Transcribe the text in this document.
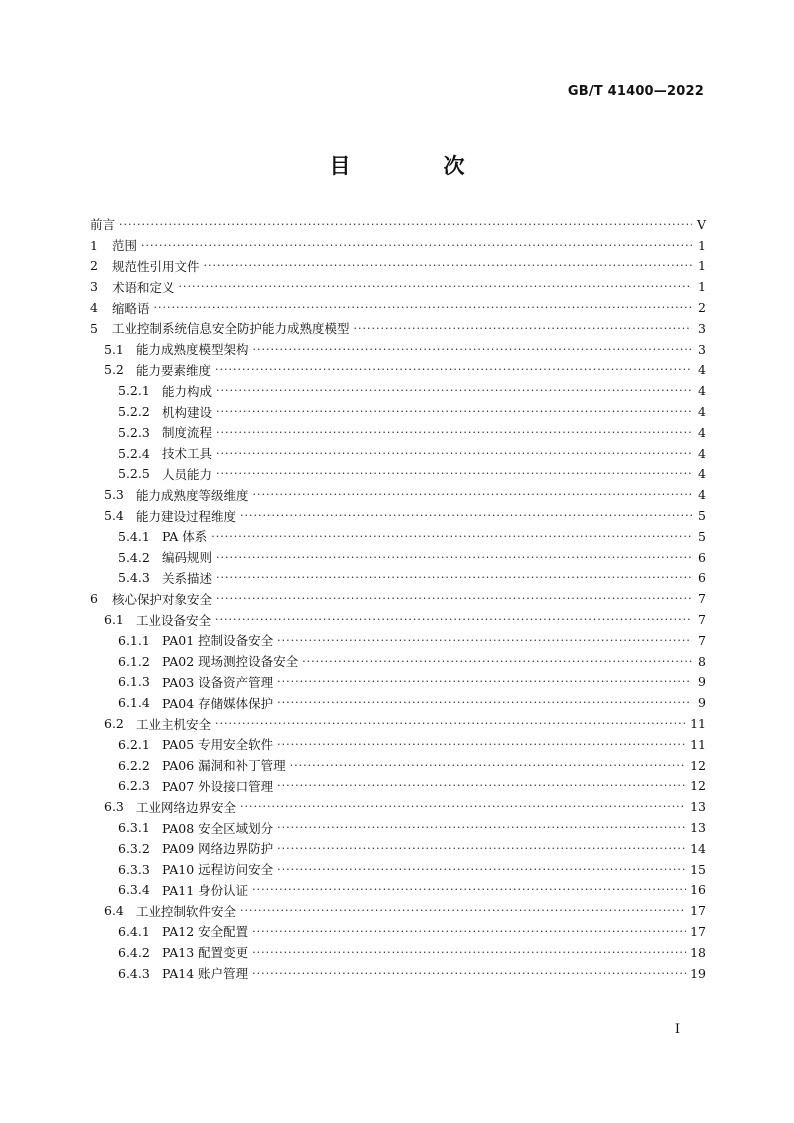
GB/T 41400—2022
目　次
前言 ·····	V
1	范围 ·····	1
2	规范性引用文件 ·····	1
3	术语和定义 ·····	1
4	缩略语 ·····	2
5	工业控制系统信息安全防护能力成熟度模型 ·····	3
5.1 能力成熟度模型架构 ·····	3
5.2 能力要素维度 ·····	4
5.2.1 能力构成 ·····	4
5.2.2 机构建设 ·····	4
5.2.3 制度流程 ·····	4
5.2.4 技术工具 ·····	4
5.2.5 人员能力 ·····	4
5.3 能力成熟度等级维度 ·····	4
5.4 能力建设过程维度 ·····	5
5.4.1 PA 体系 ·····	5
5.4.2 编码规则 ·····	6
5.4.3 关系描述 ·····	6
6	核心保护对象安全 ·····	7
6.1 工业设备安全 ·····	7
6.1.1 PA01 控制设备安全 ·····	7
6.1.2 PA02 现场测控设备安全 ·····	8
6.1.3 PA03 设备资产管理 ·····	9
6.1.4 PA04 存储媒体保护 ·····	9
6.2 工业主机安全 ·····	11
6.2.1 PA05 专用安全软件 ·····	11
6.2.2 PA06 漏洞和补丁管理 ·····	12
6.2.3 PA07 外设接口管理 ·····	12
6.3 工业网络边界安全 ·····	13
6.3.1 PA08 安全区域划分 ·····	13
6.3.2 PA09 网络边界防护 ·····	14
6.3.3 PA10 远程访问安全 ·····	15
6.3.4 PA11 身份认证 ·····	16
6.4 工业控制软件安全 ·····	17
6.4.1 PA12 安全配置 ·····	17
6.4.2 PA13 配置变更 ·····	18
6.4.3 PA14 账户管理 ·····	19
I
